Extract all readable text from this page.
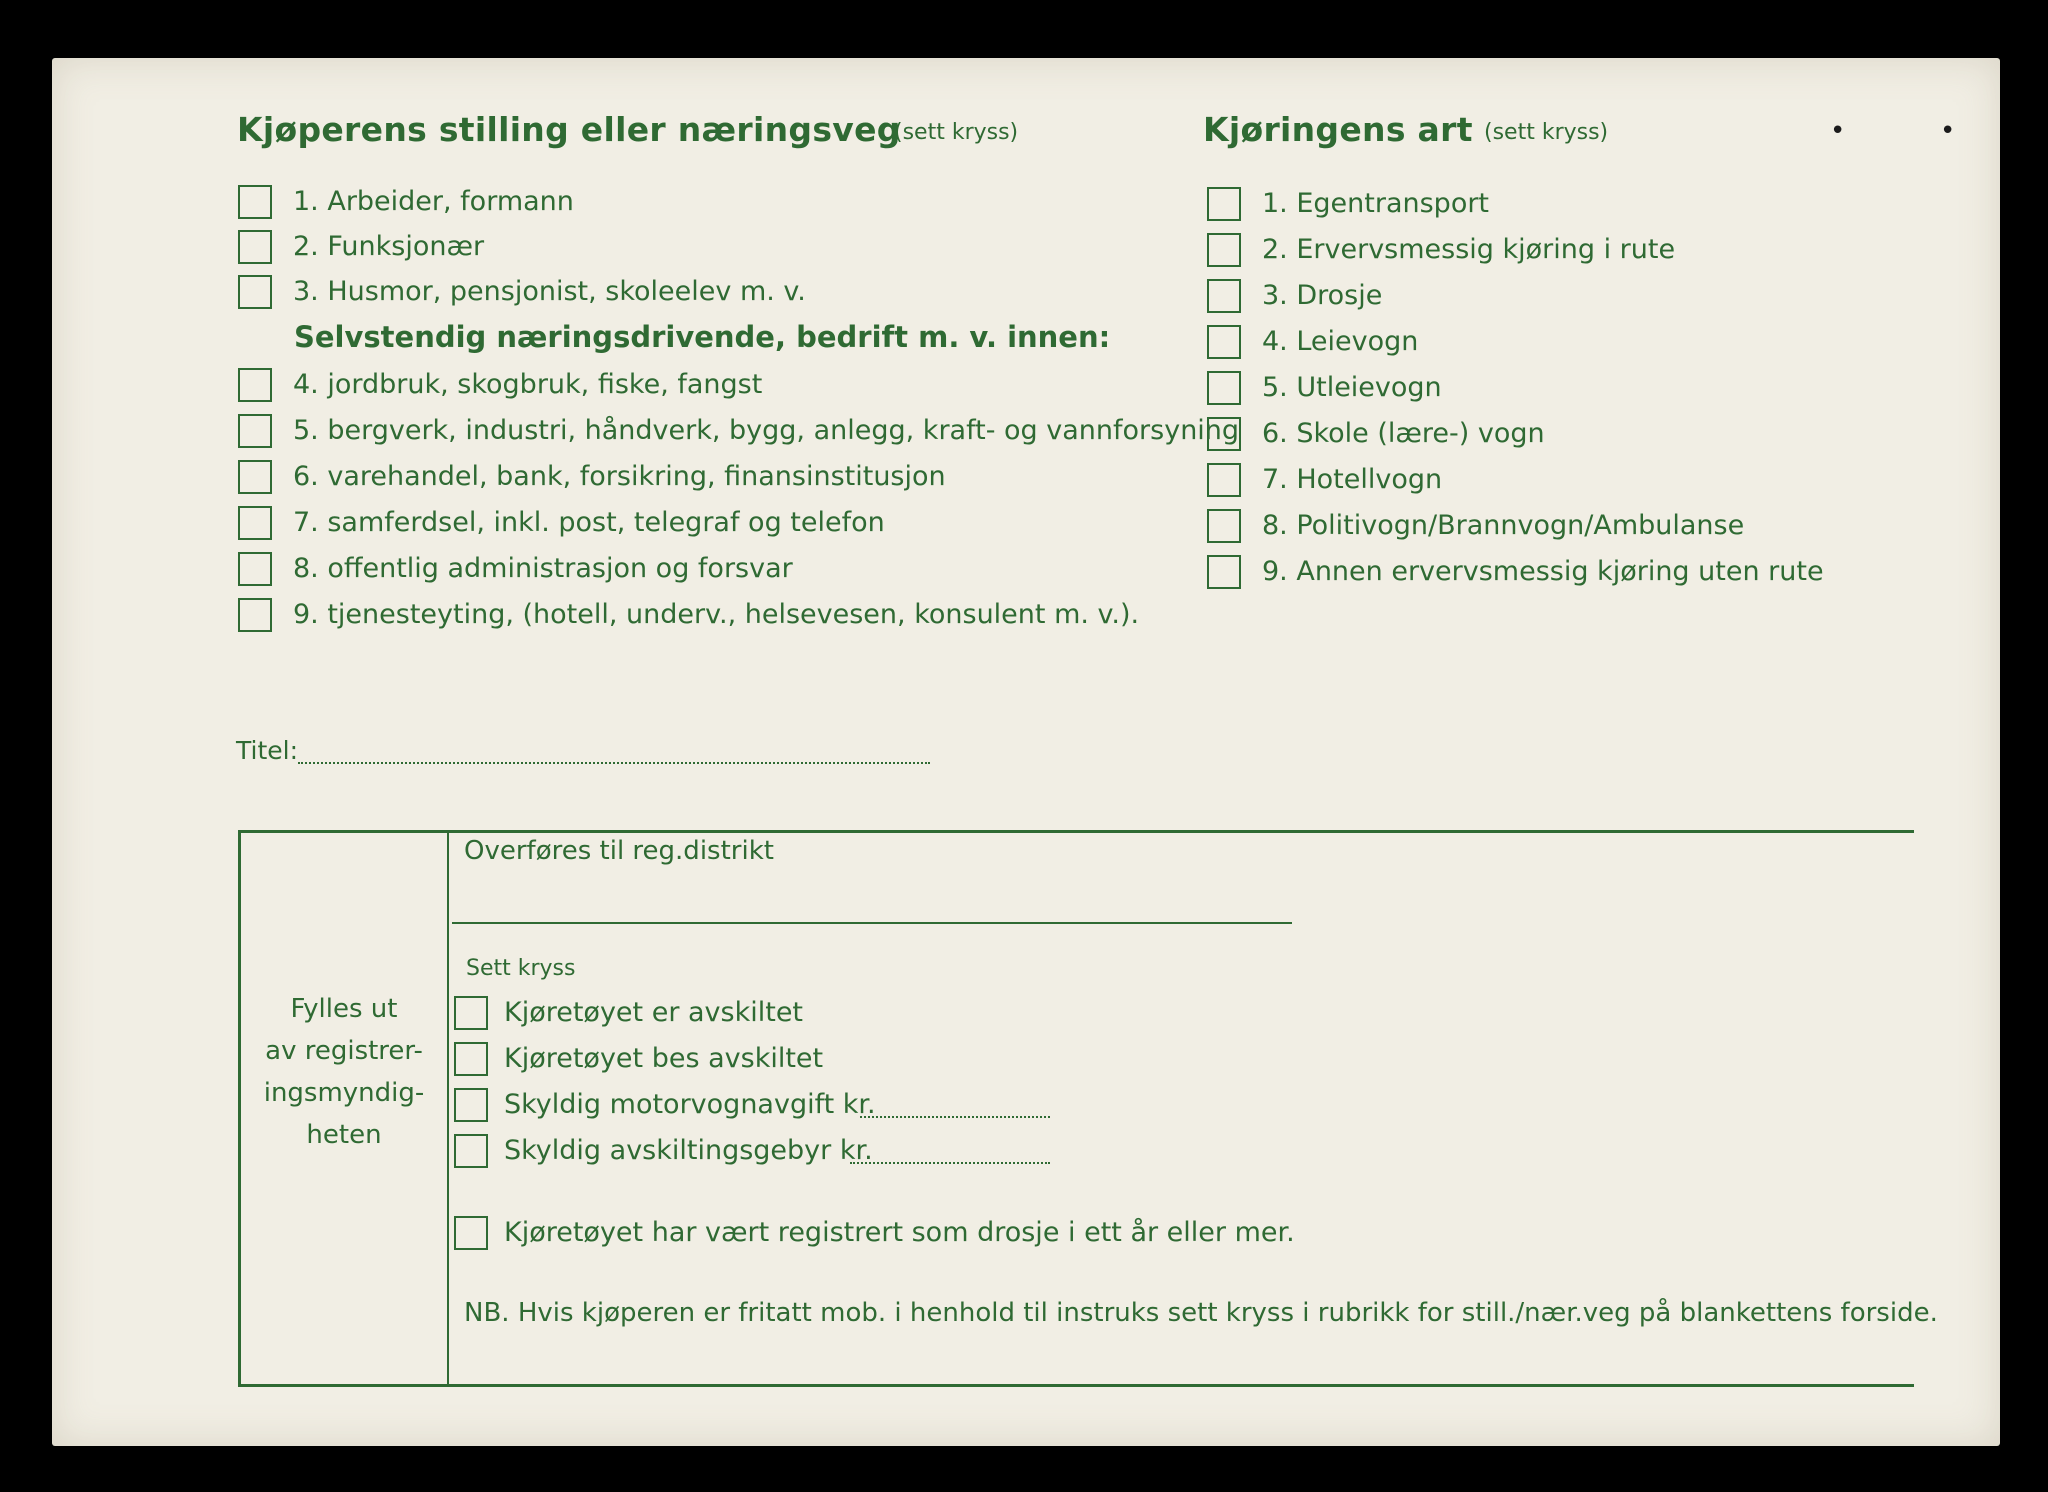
Kjøperens stilling eller næringsveg
(sett kryss)
1. Arbeider, formann
2. Funksjonær
3. Husmor, pensjonist, skoleelev m. v.
Selvstendig næringsdrivende, bedrift m. v. innen:
4. jordbruk, skogbruk, fiske, fangst
5. bergverk, industri, håndverk, bygg, anlegg, kraft- og vannforsyning
6. varehandel, bank, forsikring, finansinstitusjon
7. samferdsel, inkl. post, telegraf og telefon
8. offentlig administrasjon og forsvar
9. tjenesteyting, (hotell, underv., helsevesen, konsulent m. v.).
Kjøringens art (sett kryss)
1. Egentransport
2. Ervervsmessig kjøring i rute
3. Drosje
4. Leievogn
5. Utleievogn
6. Skole (lære-) vogn
7. Hotellvogn
8. Politivogn/Brannvogn/Ambulanse
9. Annen ervervsmessig kjøring uten rute
•	•
Titel:
Fylles ut
av registrer-
ingsmyndig-
heten
Overføres til reg.distrikt
Sett kryss
Kjøretøyet er avskiltet
Kjøretøyet bes avskiltet
Skyldig motorvognavgift kr.
Skyldig avskiltingsgebyr kr.
Kjøretøyet har vært registrert som drosje i ett år eller mer.
NB. Hvis kjøperen er fritatt mob. i henhold til instruks sett kryss i rubrikk for still./nær.veg på blankettens forside.
